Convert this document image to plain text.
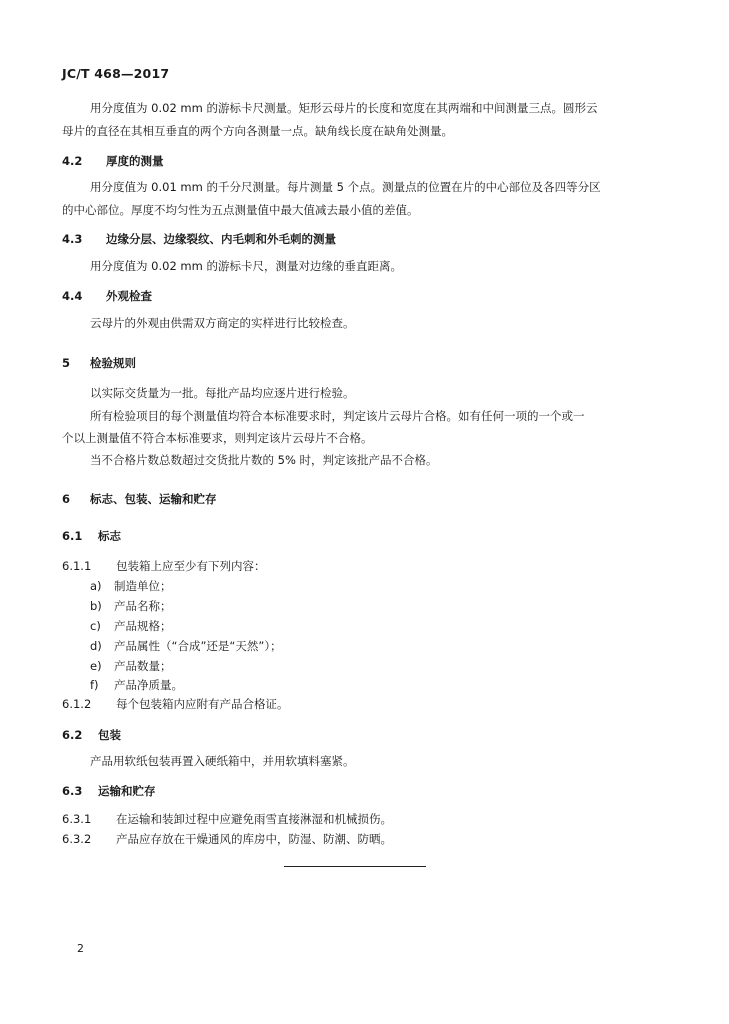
JC/T 468—2017
用分度值为 0.02 mm 的游标卡尺测量。矩形云母片的长度和宽度在其两端和中间测量三点。圆形云
母片的直径在其相互垂直的两个方向各测量一点。缺角线长度在缺角处测量。
4.2 厚度的测量
用分度值为 0.01 mm 的千分尺测量。每片测量 5 个点。测量点的位置在片的中心部位及各四等分区
的中心部位。厚度不均匀性为五点测量值中最大值减去最小值的差值。
4.3 边缘分层、边缘裂纹、内毛刺和外毛刺的测量
用分度值为 0.02 mm 的游标卡尺，测量对边缘的垂直距离。
4.4 外观检查
云母片的外观由供需双方商定的实样进行比较检查。
5 检验规则
以实际交货量为一批。每批产品均应逐片进行检验。
所有检验项目的每个测量值均符合本标准要求时，判定该片云母片合格。如有任何一项的一个或一
个以上测量值不符合本标准要求，则判定该片云母片不合格。
当不合格片数总数超过交货批片数的 5% 时，判定该批产品不合格。
6 标志、包装、运输和贮存
6.1 标志
6.1.1 包装箱上应至少有下列内容：
a) 制造单位；
b) 产品名称；
c) 产品规格；
d) 产品属性（“合成”还是“天然”）；
e) 产品数量；
f) 产品净质量。
6.1.2 每个包装箱内应附有产品合格证。
6.2 包装
产品用软纸包装再置入硬纸箱中，并用软填料塞紧。
6.3 运输和贮存
6.3.1 在运输和装卸过程中应避免雨雪直接淋湿和机械损伤。
6.3.2 产品应存放在干燥通风的库房中，防湿、防潮、防晒。
2
